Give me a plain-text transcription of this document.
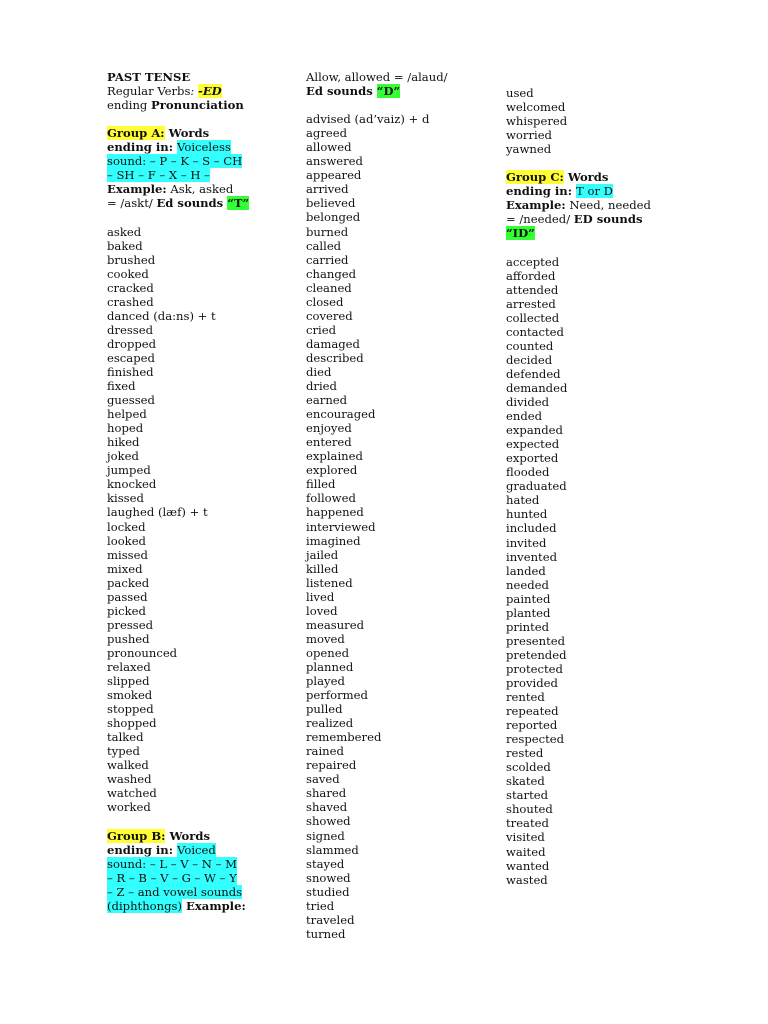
PAST TENSE
Regular Verbs: -ED
ending Pronunciation
Group A: Words
ending in: Voiceless
sound: – P – K – S – CH
– SH – F – X – H –
Example: Ask, asked
= /askt/ Ed sounds “T”
asked
baked
brushed
cooked
cracked
crashed
danced (da:ns) + t
dressed
dropped
escaped
finished
fixed
guessed
helped
hoped
hiked
joked
jumped
knocked
kissed
laughed (læf) + t
locked
looked
missed
mixed
packed
passed
picked
pressed
pushed
pronounced
relaxed
slipped
smoked
stopped
shopped
talked
typed
walked
washed
watched
worked
Group B: Words
ending in: Voiced
sound: – L – V – N – M
– R – B – V – G – W – Y
– Z – and vowel sounds
(diphthongs) Example:
Allow, allowed = /alaud/
Ed sounds “D”
advised (ad’vaiz) + d
agreed
allowed
answered
appeared
arrived
believed
belonged
burned
called
carried
changed
cleaned
closed
covered
cried
damaged
described
died
dried
earned
encouraged
enjoyed
entered
explained
explored
filled
followed
happened
interviewed
imagined
jailed
killed
listened
lived
loved
measured
moved
opened
planned
played
performed
pulled
realized
remembered
rained
repaired
saved
shared
shaved
showed
signed
slammed
stayed
snowed
studied
tried
traveled
turned
used
welcomed
whispered
worried
yawned
Group C: Words
ending in: T or D
Example: Need, needed
= /needed/ ED sounds
“ID”
accepted
afforded
attended
arrested
collected
contacted
counted
decided
defended
demanded
divided
ended
expanded
expected
exported
flooded
graduated
hated
hunted
included
invited
invented
landed
needed
painted
planted
printed
presented
pretended
protected
provided
rented
repeated
reported
respected
rested
scolded
skated
started
shouted
treated
visited
waited
wanted
wasted
